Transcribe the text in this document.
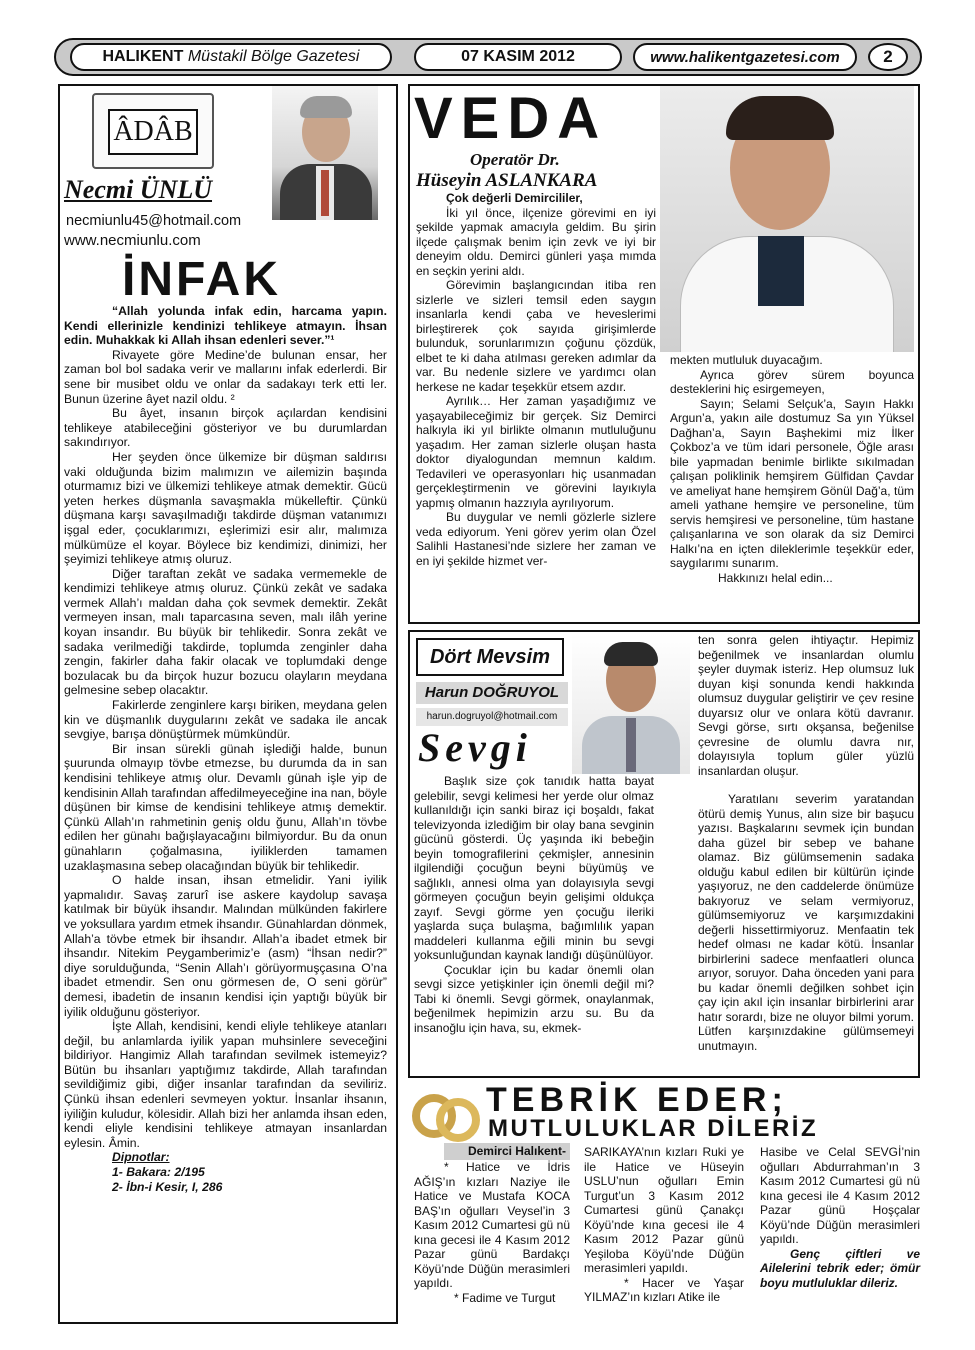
HALIKENT
Müstakil Bölge Gazetesi	07 KASIM 2012	www.halikentgazetesi.com	2
ÂDÂB
Necmi ÜNLÜ
necmiunlu45@hotmail.com
www.necmiunlu.com
İNFAK

“Allah yolunda infak edin, harcama yapın. Kendi ellerinizle kendinizi tehlikeye atmayın. İhsan edin. Muhakkak ki Allah ihsan edenleri sever.”¹

Rivayete göre Medine’de bulunan ensar, her zaman bol bol sadaka verir ve mallarını infak ederlerdi. Bir sene bir musibet oldu ve onlar da sadakayı terk etti ler. Bunun üzerine âyet nazil oldu. ²

Bu âyet, insanın birçok açılardan kendisini tehlikeye atabileceğini gösteriyor ve bu durumlardan sakındırıyor.

Her şeyden önce ülkemize bir düşman saldırısı vaki olduğunda bizim malımızın ve ailemizin başında oturmamız bizi ve ülkemizi tehlikeye atmak demektir. Gücü yeten herkes düşmanla savaşmakla mükelleftir. Çünkü düşmana karşı savaşılmadığı takdirde düşman vatanımızı işgal eder, çocuklarımızı, eşlerimizi esir alır, malımıza mülkümüze el koyar. Böylece biz kendimizi, dinimizi, her şeyimizi tehlikeye atmış oluruz.

Diğer taraftan zekât ve sadaka vermemekle de kendimizi tehlikeye atmış oluruz. Çünkü zekât ve sadaka vermek Allah’ı maldan daha çok sevmek demektir. Zekât vermeyen insan, malı taparcasına seven, malı ilâh yerine koyan insandır. Bu büyük bir tehlikedir. Sonra zekât ve sadaka verilmediği takdirde, toplumda zenginler daha zengin, fakirler daha fakir olacak ve toplumdaki denge bozulacak bu da birçok huzur bozucu olayların meydana gelmesine sebep olacaktır.

Fakirlerde zenginlere karşı biriken, meydana gelen kin ve düşmanlık duygularını zekât ve sadaka ile ancak sevgiye, barışa dönüştürmek mümkündür.

Bir insan sürekli günah işlediği halde, bunun şuurunda olmayıp tövbe etmezse, bu durumda da in san kendisini tehlikeye atmış olur. Devamlı günah işle yip de kendisinin Allah tarafından affedilmeyeceğine ina nan, böyle düşünen bir kimse de kendisini tehlikeye atmış demektir. Çünkü Allah’ın rahmetinin geniş oldu ğunu, Allah’ın tövbe edilen her günahı bağışlayacağını bilmiyordur. Bu da onun günahların çoğalmasına, iyiliklerden tamamen uzaklaşmasına sebep olacağından büyük bir tehlikedir.

O halde insan, ihsan etmelidir. Yani iyilik yapmalıdır. Savaş zarurî ise askere kaydolup savaşa katılmak bir büyük ihsandır. Malından mülkünden fakirlere ve yoksullara yardım etmek ihsandır. Günahlardan dönmek, Allah’a tövbe etmek bir ihsandır. Allah’a ibadet etmek bir ihsandır. Nitekim Peygamberimiz’e (asm) “İhsan nedir?” diye sorulduğunda, “Senin Allah’ı görüyormuşçasına O’na ibadet etmendir. Sen onu görmesen de, O seni görür” demesi, ibadetin de insanın kendisi için yaptığı büyük bir iyilik olduğunu gösteriyor.

İşte Allah, kendisini, kendi eliyle tehlikeye atanları değil, bu anlamlarda iyilik yapan muhsinlere seveceğini bildiriyor. Hangimiz Allah tarafından sevilmek istemeyiz? Bütün bu ihsanları yaptığımız takdirde, Allah tarafından sevildiğimiz gibi, diğer insanlar tarafından da seviliriz. Çünkü ihsan edenleri sevmeyen yoktur. İnsanlar ihsanın, iyiliğin kuludur, kölesidir. Allah bizi her anlamda ihsan eden, kendi eliyle kendisini tehlikeye atmayan insanlardan eylesin. Âmin.

Dipnotlar:
1- Bakara: 2/195
2- İbn-i Kesir, I, 286
VEDA
Operatör Dr.
Hüseyin ASLANKARA

Çok değerli Demircililer,

İki yıl önce, ilçenize görevimi en iyi şekilde yapmak amacıyla geldim. Bu şirin ilçede çalışmak benim için zevk ve iyi bir deneyim oldu. Demirci günleri yaşa mımda en seçkin yerini aldı.

Görevimin başlangıcından itiba ren sizlerle ve sizleri temsil eden saygın insanlarla kendi çaba ve heveslerimi birleştirerek çok sayıda girişimlerde bulunduk, sorunlarımızın çoğunu çözdük, elbet te ki daha atılması gereken adımlar da var. Bu nedenle sizlere ve yardımcı olan herkese ne kadar teşekkür etsem azdır.

Ayrılık… Her zaman yaşadığımız ve yaşayabileceğimiz bir gerçek. Siz Demirci halkıyla iki yıl birlikte olmanın mutluluğunu yaşadım. Her zaman sizlerle oluşan hasta doktor diyalogundan memnun kaldım. Tedavileri ve operasyonları hiç usanmadan gerçekleştirmenin ve görevini layıkıyla yapmış olmanın hazzıyla ayrılıyorum.

Bu duygular ve nemli gözlerle sizlere veda ediyorum. Yeni görev yerim olan Özel Salihli Hastanesi’nde sizlere her zaman ve en iyi şekilde hizmet ver-

mekten mutluluk duyacağım.

Ayrıca görev sürem boyunca desteklerini hiç esirgemeyen,

Sayın; Selami Selçuk’a, Sayın Hakkı Argun’a, yakın aile dostumuz Sa yın Yüksel Dağhan’a, Sayın Başhekimi miz İlker Çokboz’a ve tüm idari personele, Öğle arası bile yapmadan benimle birlikte sıkılmadan çalışan poliklinik hemşirem Gülfidan Çavdar ve ameliyat hane hemşirem Gönül Dağ’a, tüm ameli yathane hemşire ve personeline, tüm servis hemşiresi ve personeline, tüm hastane çalışanlarına ve son olarak da siz Demirci Halkı’na en içten dileklerimle teşekkür eder, saygılarımı sunarım.

Hakkınızı helal edin...

Dört Mevsim
Harun DOĞRUYOL
harun.dogruyol@hotmail.com
Sevgi

Başlık size çok tanıdık hatta bayat gelebilir, sevgi kelimesi her yerde olur olmaz kullanıldığı için sanki biraz içi boşaldı, fakat televizyonda izlediğim bir olay bana sevginin gücünü gösterdi. Üç yaşında iki bebeğin beyin tomografilerini çekmişler, annesinin ilgilendiği çocuğun beyni büyümüş ve sağlıklı, annesi olma yan dolayısıyla sevgi görmeyen çocuğun beyin gelişimi oldukça zayıf. Sevgi görme yen çocuğu ileriki yaşlarda suça bulaşma, bağımlılık yapan maddeleri kullanma eğili minin bu sevgi yoksunluğundan kaynak landığı düşünülüyor.

Çocuklar için bu kadar önemli olan sevgi sizce yetişkinler için önemli değil mi? Tabi ki önemli. Sevgi görmek, onaylanmak, beğenilmek hepimizin arzu su. Bu da insanoğlu için hava, su, ekmek-

ten sonra gelen ihtiyaçtır. Hepimiz beğenilmek ve insanlardan olumlu şeyler duymak isteriz. Hep olumsuz luk duyan kişi sonunda kendi hakkında olumsuz duygular geliştirir ve çev resine duyarsız olur ve onlara kötü davranır. Sevgi görse, sırtı okşansa, beğenilse çevresine de olumlu davra nır, dolayısıyla toplum güler yüzlü insanlardan oluşur.

Yaratılanı severim yaratandan ötürü demiş Yunus, alın size bir başucu yazısı. Başkalarını sevmek için bundan daha güzel bir sebep ve bahane olamaz. Biz gülümsemenin sadaka olduğu kabul edilen bir kültürün içinde yaşıyoruz, ne den caddelerde önümüze bakıyoruz ve selam vermiyoruz, gülümsemiyoruz ve karşımızdakini değerli hissettirmiyoruz. Menfaatin tek hedef olması ne kadar kötü. İnsanlar birbirlerini sadece menfaatleri olunca arıyor, soruyor. Daha önceden yani para bu kadar önemli değilken sohbet için çay için akıl için insanlar birbirlerini arar hatır sorardı, bize ne oluyor bilmi yorum. Lütfen karşınızdakine gülümsemeyi unutmayın.

TEBRİK EDER;
MUTLULUKLAR DİLERİZ
Demirci Halıkent-

* Hatice ve İdris AĞIŞ’ın kızları Naziye ile Hatice ve Mustafa KOCA BAŞ’ın oğulları Veysel’in 3 Kasım 2012 Cumartesi gü nü kına gecesi ile 4 Kasım 2012 Pazar günü Bardakçı Köyü’nde Düğün merasimleri yapıldı.

* Fadime ve Turgut

SARIKAYA’nın kızları Ruki ye ile Hatice ve Hüseyin USLU’nun oğulları Emin Turgut’un 3 Kasım 2012 Cumartesi günü Çanakçı Köyü’nde kına gecesi ile 4 Kasım 2012 Pazar günü Yeşiloba Köyü’nde Düğün merasimleri yapıldı.

* Hacer ve Yaşar YILMAZ’ın kızları Atike ile

Hasibe ve Celal SEVGİ’nin oğulları Abdurrahman’ın 3 Kasım 2012 Cumartesi gü nü kına gecesi ile 4 Kasım 2012 Pazar günü Hoşçalar Köyü’nde Düğün merasimleri yapıldı.

Genç çiftleri ve Ailelerini tebrik eder; ömür boyu mutluluklar dileriz.
